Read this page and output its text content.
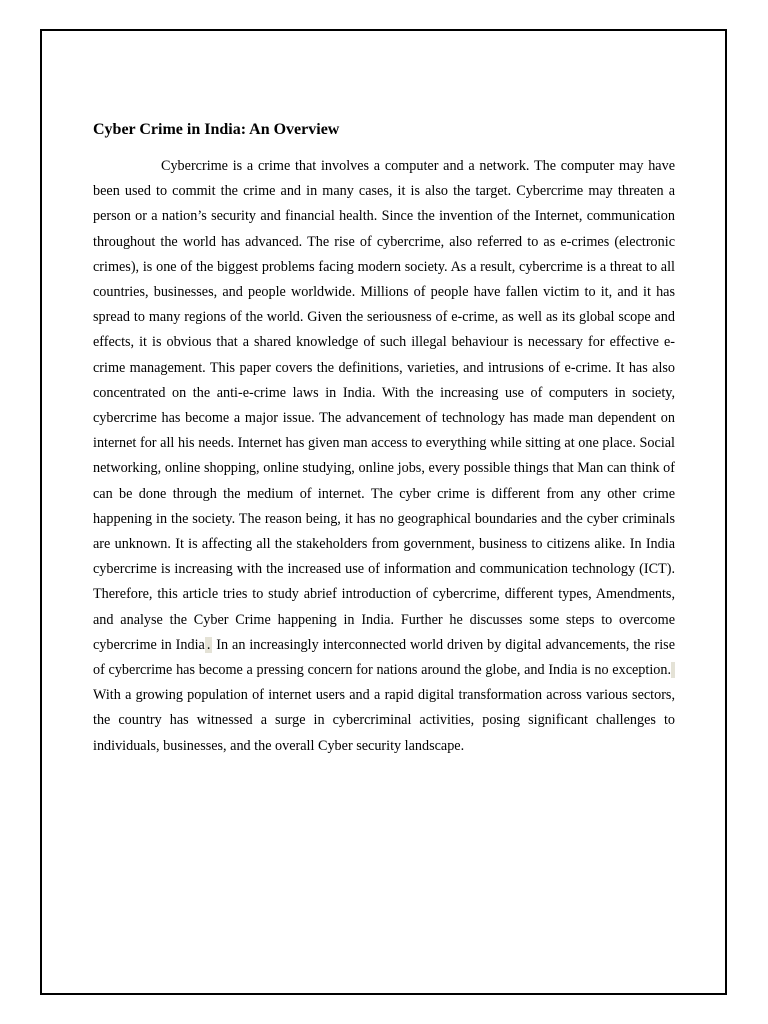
Cyber Crime in India: An Overview

Cybercrime is a crime that involves a computer and a network. The computer may have been used to commit the crime and in many cases, it is also the target. Cybercrime may threaten a person or a nation’s security and financial health. Since the invention of the Internet, communication throughout the world has advanced. The rise of cybercrime, also referred to as e-crimes (electronic crimes), is one of the biggest problems facing modern society. As a result, cybercrime is a threat to all countries, businesses, and people worldwide. Millions of people have fallen victim to it, and it has spread to many regions of the world. Given the seriousness of e-crime, as well as its global scope and effects, it is obvious that a shared knowledge of such illegal behaviour is necessary for effective e-crime management. This paper covers the definitions, varieties, and intrusions of e-crime. It has also concentrated on the anti-e-crime laws in India. With the increasing use of computers in society, cybercrime has become a major issue. The advancement of technology has made man dependent on internet for all his needs. Internet has given man access to everything while sitting at one place. Social networking, online shopping, online studying, online jobs, every possible things that Man can think of can be done through the medium of internet. The cyber crime is different from any other crime happening in the society. The reason being, it has no geographical boundaries and the cyber criminals are unknown. It is affecting all the stakeholders from government, business to citizens alike. In India cybercrime is increasing with the increased use of information and communication technology (ICT). Therefore, this article tries to study abrief introduction of cybercrime, different types, Amendments, and analyse the Cyber Crime happening in India. Further he discusses some steps to overcome cybercrime in India . In an increasingly interconnected world driven by digital advancements, the rise of cybercrime has become a pressing concern for nations around the globe, and India is no exception. With a growing population of internet users and a rapid digital transformation across various sectors, the country has witnessed a surge in cybercriminal activities, posing significant challenges to individuals, businesses, and the overall Cyber security landscape.
